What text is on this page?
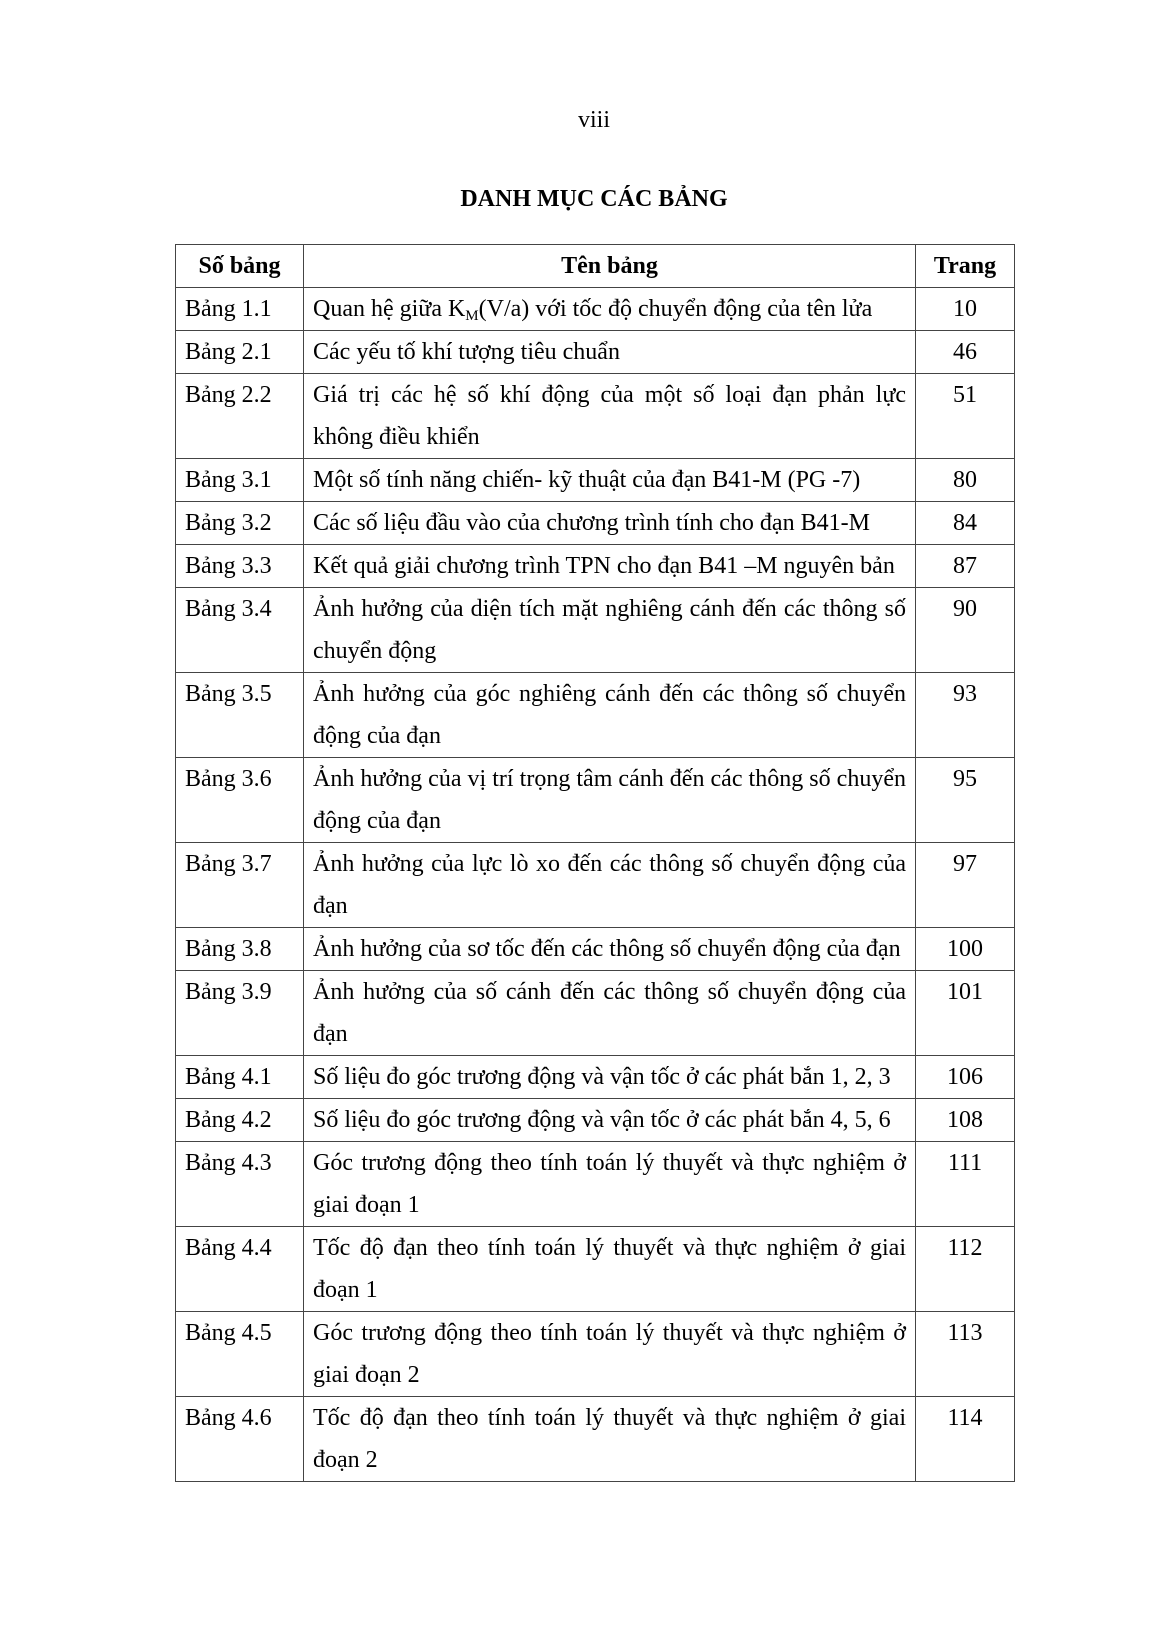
viii
DANH MỤC CÁC BẢNG
Số bảng	Tên bảng	Trang
Bảng 1.1	Quan hệ giữa $K_M(V/a)$ với tốc độ chuyển động của tên lửa	10
Bảng 2.1	Các yếu tố khí tượng tiêu chuẩn	46
Bảng 2.2	Giá trị các hệ số khí động của một số loại đạn phản lực không điều khiển	51
Bảng 3.1	Một số tính năng chiến- kỹ thuật của đạn B41-M (PG -7)	80
Bảng 3.2	Các số liệu đầu vào của chương trình tính cho đạn B41-M	84
Bảng 3.3	Kết quả giải chương trình TPN cho đạn B41 –M nguyên bản	87
Bảng 3.4	Ảnh hưởng của diện tích mặt nghiêng cánh đến các thông số chuyển động	90
Bảng 3.5	Ảnh hưởng của góc nghiêng cánh đến các thông số chuyển động của đạn	93
Bảng 3.6	Ảnh hưởng của vị trí trọng tâm cánh đến các thông số chuyển động của đạn	95
Bảng 3.7	Ảnh hưởng của lực lò xo đến các thông số chuyển động của đạn	97
Bảng 3.8	Ảnh hưởng của sơ tốc đến các thông số chuyển động của đạn	100
Bảng 3.9	Ảnh hưởng của số cánh đến các thông số chuyển động của đạn	101
Bảng 4.1	Số liệu đo góc trương động và vận tốc ở các phát bắn 1, 2, 3	106
Bảng 4.2	Số liệu đo góc trương động và vận tốc ở các phát bắn 4, 5, 6	108
Bảng 4.3	Góc trương động theo tính toán lý thuyết và thực nghiệm ở giai đoạn 1	111
Bảng 4.4	Tốc độ đạn theo tính toán lý thuyết và thực nghiệm ở giai đoạn 1	112
Bảng 4.5	Góc trương động theo tính toán lý thuyết và thực nghiệm ở giai đoạn 2	113
Bảng 4.6	Tốc độ đạn theo tính toán lý thuyết và thực nghiệm ở giai đoạn 2	114
